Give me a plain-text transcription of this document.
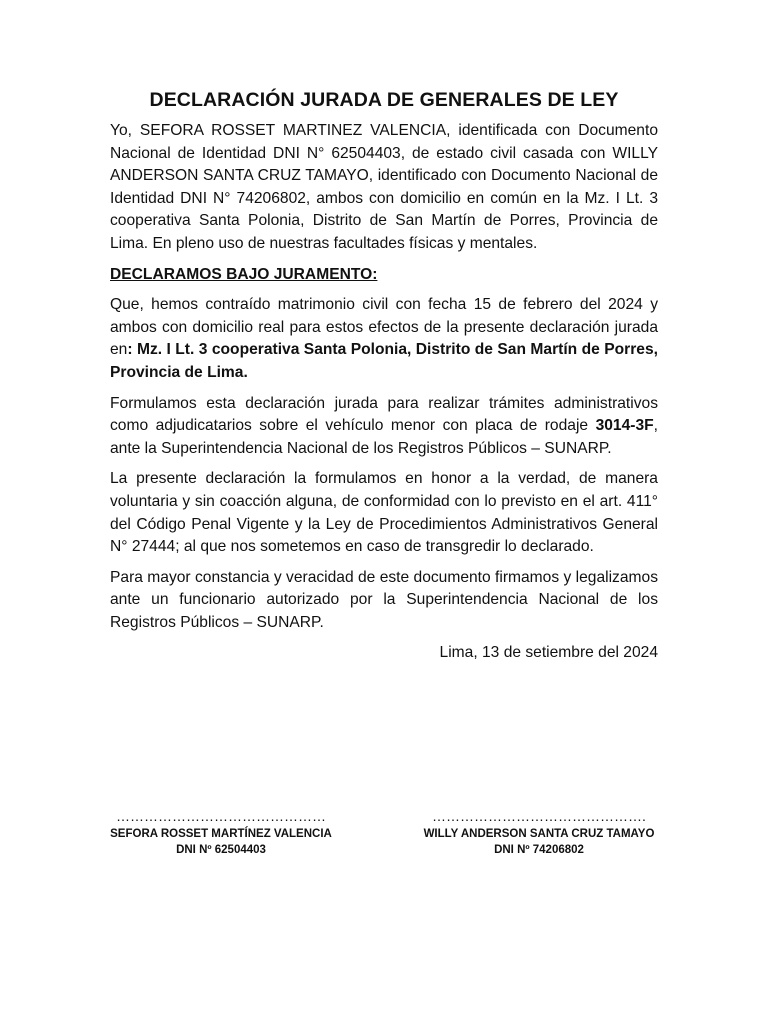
DECLARACIÓN JURADA DE GENERALES DE LEY

Yo, SEFORA ROSSET MARTINEZ VALENCIA, identificada con Documento Nacional de Identidad DNI N° 62504403, de estado civil casada con WILLY ANDERSON SANTA CRUZ TAMAYO, identificado con Documento Nacional de Identidad DNI N° 74206802, ambos con domicilio en común en la Mz. I Lt. 3 cooperativa Santa Polonia, Distrito de San Martín de Porres, Provincia de Lima. En pleno uso de nuestras facultades físicas y mentales.

DECLARAMOS BAJO JURAMENTO:

Que, hemos contraído matrimonio civil con fecha 15 de febrero del 2024 y ambos con domicilio real para estos efectos de la presente declaración jurada en: Mz. I Lt. 3 cooperativa Santa Polonia, Distrito de San Martín de Porres, Provincia de Lima.

Formulamos esta declaración jurada para realizar trámites administrativos como adjudicatarios sobre el vehículo menor con placa de rodaje 3014-3F, ante la Superintendencia Nacional de los Registros Públicos – SUNARP.

La presente declaración la formulamos en honor a la verdad, de manera voluntaria y sin coacción alguna, de conformidad con lo previsto en el art. 411° del Código Penal Vigente y la Ley de Procedimientos Administrativos General N° 27444; al que nos sometemos en caso de transgredir lo declarado.

Para mayor constancia y veracidad de este documento firmamos y legalizamos ante un funcionario autorizado por la Superintendencia Nacional de los Registros Públicos – SUNARP.

Lima, 13 de setiembre del 2024

………………………………………
SEFORA ROSSET MARTÍNEZ VALENCIA
DNI Nº 62504403
……………………………………….
WILLY ANDERSON SANTA CRUZ TAMAYO
DNI Nº 74206802
